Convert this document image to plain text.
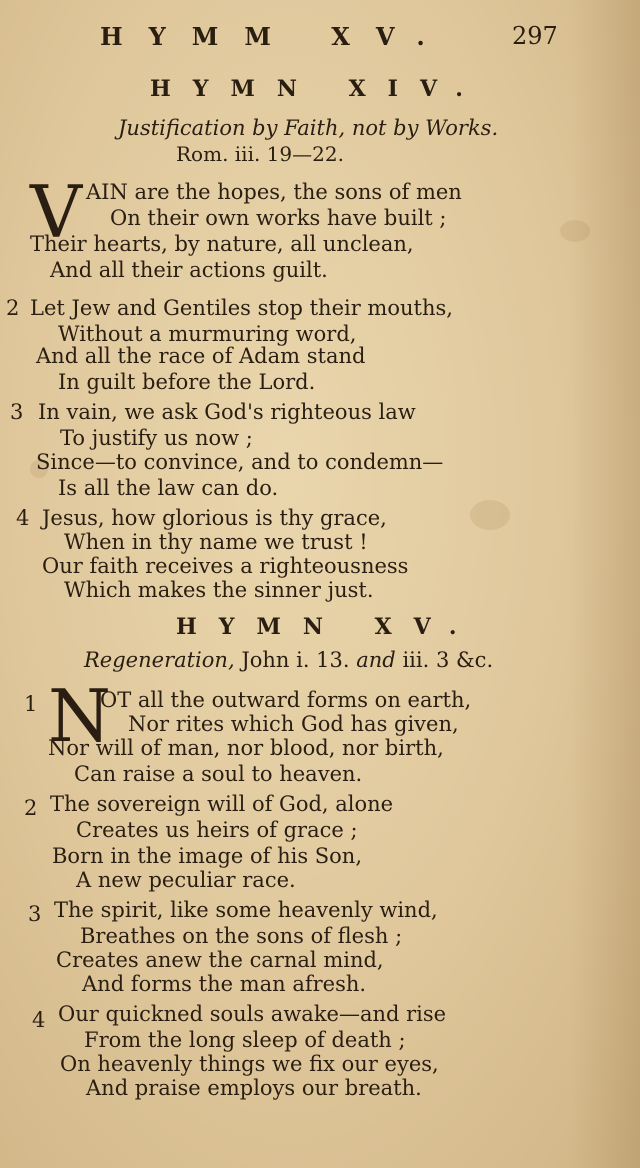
HYMM XV.	297
HYMN XIV.
Justification by Faith, not by Works.
Rom. iii. 19—22.
V AIN are the hopes, the sons of men
On their own works have built ;
Their hearts, by nature, all unclean,
And all their actions guilt.
2 Let Jew and Gentiles stop their mouths,
Without a murmuring word,
And all the race of Adam stand
In guilt before the Lord.
3 In vain, we ask God's righteous law
To justify us now ;
Since—to convince, and to condemn—
Is all the law can do.
4 Jesus, how glorious is thy grace,
When in thy name we trust !
Our faith receives a righteousness
Which makes the sinner just.
HYMN XV.
Regeneration, John i. 13. and iii. 3 &c.
N
1	OT all the outward forms on earth,
Nor rites which God has given,
Nor will of man, nor blood, nor birth,
Can raise a soul to heaven.
2 The sovereign will of God, alone
Creates us heirs of grace ;
Born in the image of his Son,
A new peculiar race.
3 The spirit, like some heavenly wind,
Breathes on the sons of flesh ;
Creates anew the carnal mind,
And forms the man afresh.
4 Our quickned souls awake—and rise
From the long sleep of death ;
On heavenly things we fix our eyes,
And praise employs our breath.
